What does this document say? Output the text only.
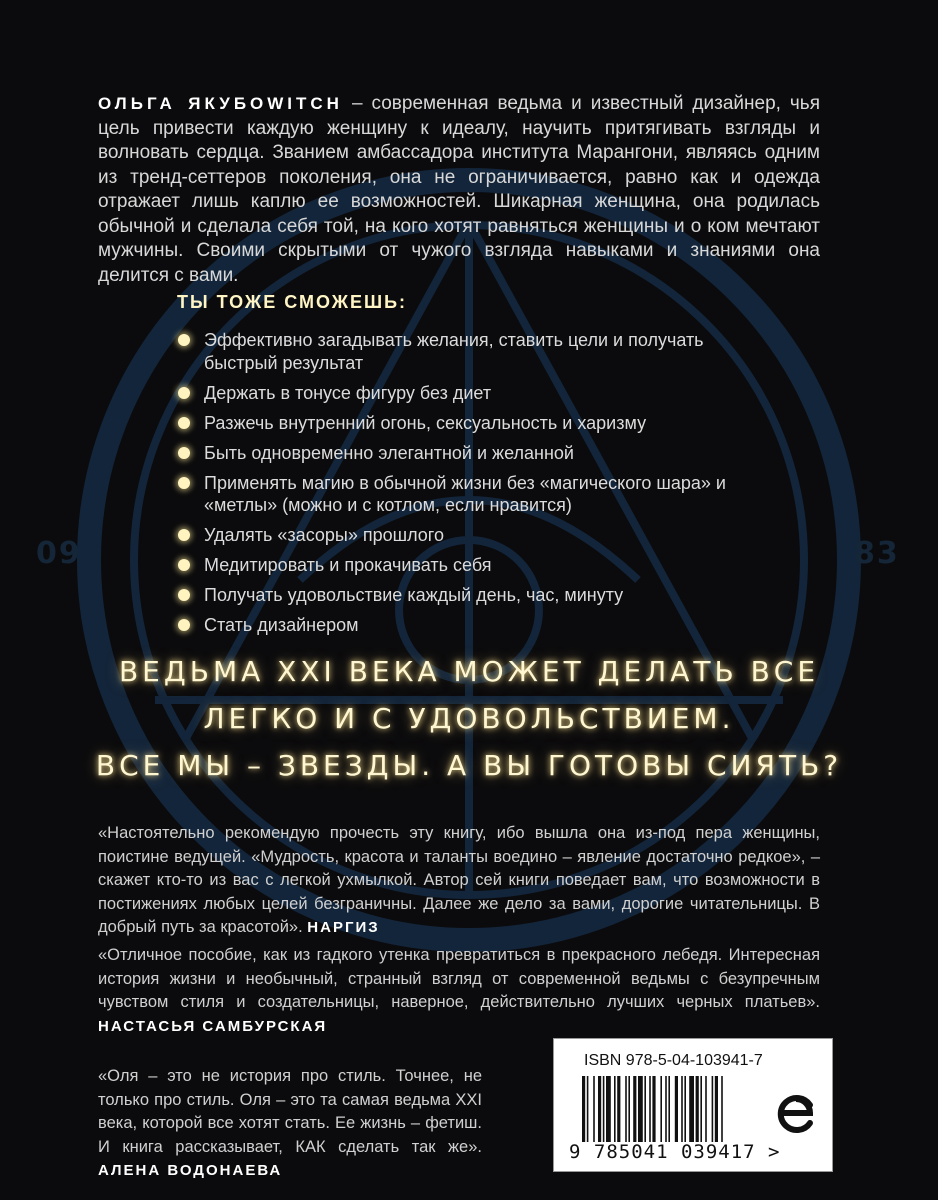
09	83
ОЛЬГА ЯКУБОWITCH – современная ведьма и известный дизайнер, чья цель привести каждую женщину к идеалу, научить притягивать взгляды и волновать сердца. Званием амбассадора института Марангони, являясь одним из тренд-сеттеров поколения, она не ограничивается, равно как и одежда отражает лишь каплю ее возможностей. Шикарная женщина, она родилась обычной и сделала себя той, на кого хотят равняться женщины и о ком мечтают мужчины. Своими скрытыми от чужого взгляда навыками и знаниями она делится с вами.
ТЫ ТОЖЕ СМОЖЕШЬ:
Эффективно загадывать желания, ставить цели и получать быстрый результат
Держать в тонусе фигуру без диет
Разжечь внутренний огонь, сексуальность и харизму
Быть одновременно элегантной и желанной
Применять магию в обычной жизни без «магического шара» и «метлы» (можно и с котлом, если нравится)
Удалять «засоры» прошлого
Медитировать и прокачивать себя
Получать удовольствие каждый день, час, минуту
Стать дизайнером
ВЕДЬМА XXI ВЕКА МОЖЕТ ДЕЛАТЬ ВСЕ
ЛЕГКО И С УДОВОЛЬСТВИЕМ.
ВСЕ МЫ – ЗВЕЗДЫ. А ВЫ ГОТОВЫ СИЯТЬ?
«Настоятельно рекомендую прочесть эту книгу, ибо вышла она из-под пера женщины, поистине ведущей. «Мудрость, красота и таланты воедино – явление достаточно редкое», – скажет кто-то из вас с легкой ухмылкой. Автор сей книги поведает вам, что возможности в постижениях любых целей безграничны. Далее же дело за вами, дорогие читательницы. В добрый путь за красотой». НАРГИЗ
«Отличное пособие, как из гадкого утенка превратиться в прекрасного лебедя. Интересная история жизни и необычный, странный взгляд от современной ведьмы с безупречным чувством стиля и создательницы, наверное, действительно лучших черных платьев». НАСТАСЬЯ САМБУРСКАЯ
«Оля – это не история про стиль. Точнее, не только про стиль. Оля – это та самая ведьма XXI века, которой все хотят стать. Ее жизнь – фетиш. И книга рассказывает, КАК сделать так же». АЛЕНА ВОДОНАЕВА
ISBN 978-5-04-103941-7
9 785041 039417 >
